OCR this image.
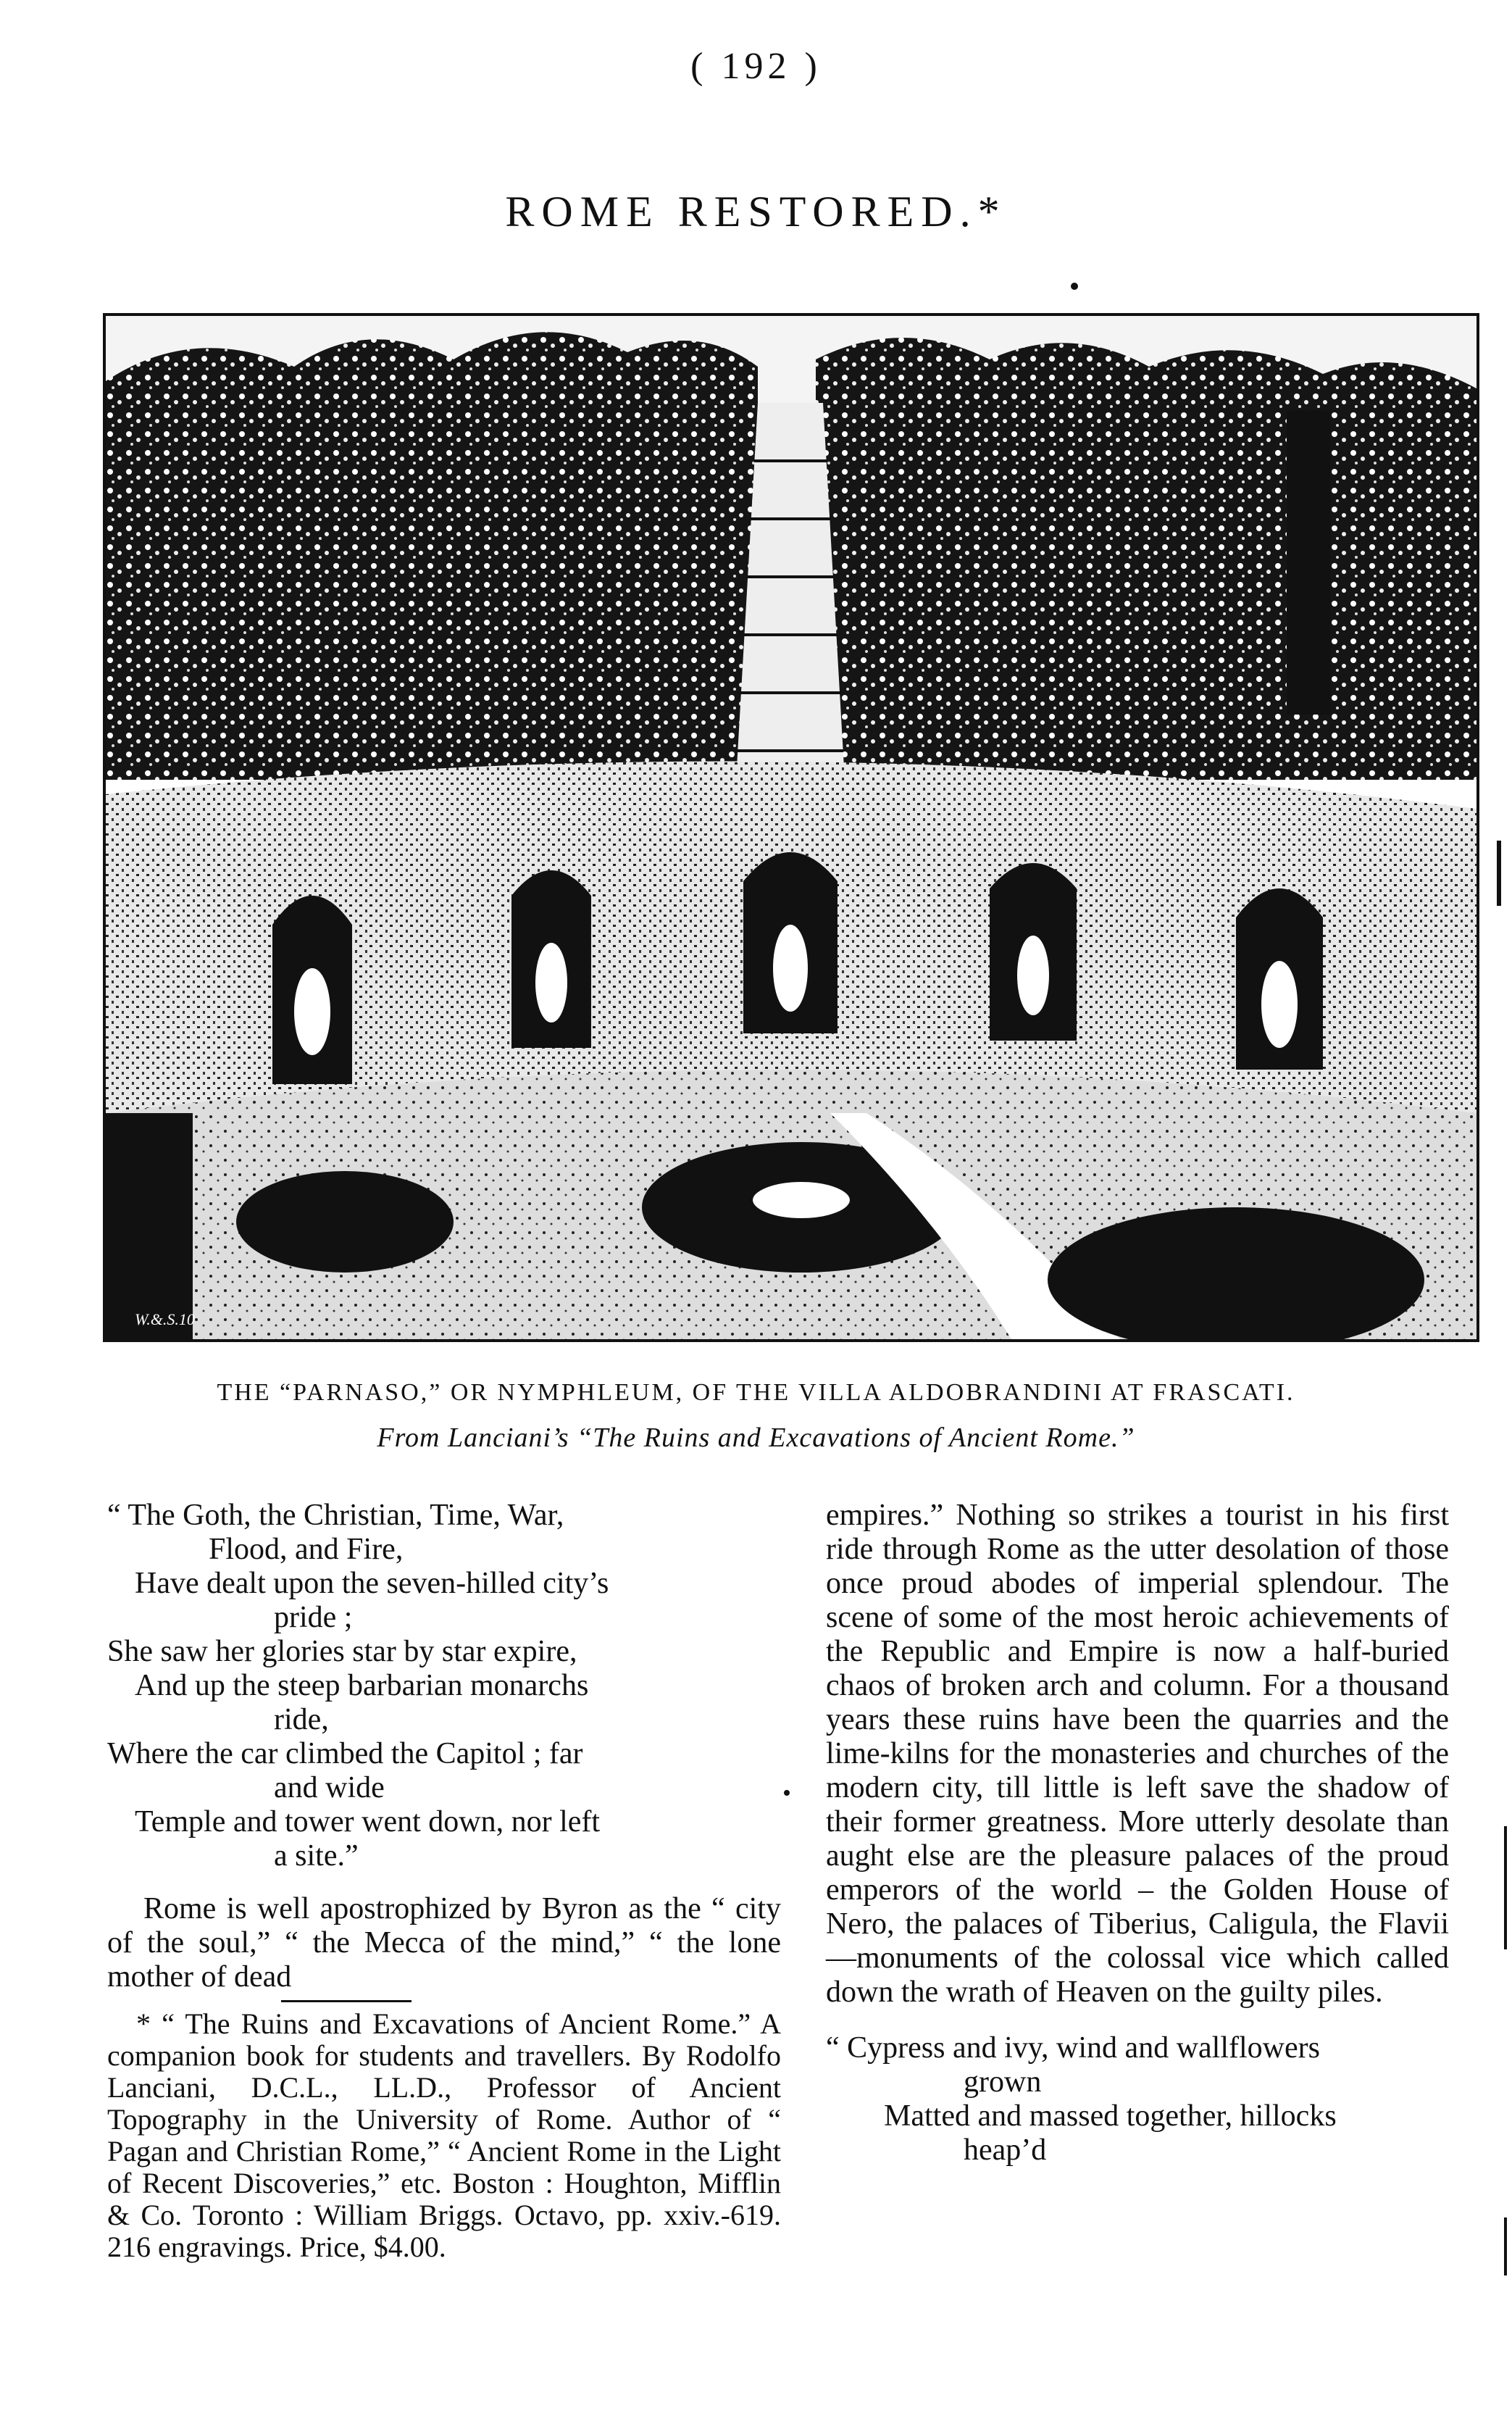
( 192 )
ROME RESTORED.*
W.&.S.10
THE “PARNASO,” OR NYMPHLEUM, OF THE VILLA ALDOBRANDINI AT FRASCATI.
From Lanciani’s “The Ruins and Excavations of Ancient Rome.”

“ The Goth, the Christian, Time, War,

Flood, and Fire,

Have dealt upon the seven-hilled city’s

pride ;

She saw her glories star by star expire,

And up the steep barbarian monarchs

ride,

Where the car climbed the Capitol ; far

and wide

Temple and tower went down, nor left

a site.”

Rome is well apostrophized by Byron as the “ city of the soul,” “ the Mecca of the mind,” “ the lone mother of dead

* “ The Ruins and Excavations of Ancient Rome.” A companion book for students and travellers. By Rodolfo Lanciani, D.C.L., LL.D., Professor of Ancient Topography in the University of Rome. Author of “ Pagan and Christian Rome,” “ Ancient Rome in the Light of Recent Discoveries,” etc. Boston : Houghton, Mifflin & Co. Toronto : William Briggs. Octavo, pp. xxiv.-619. 216 engravings. Price, $4.00.

empires.” Nothing so strikes a tourist in his first ride through Rome as the utter desolation of those once proud abodes of imperial splendour. The scene of some of the most heroic achievements of the Republic and Empire is now a half-buried chaos of broken arch and column. For a thousand years these ruins have been the quarries and the lime-kilns for the monasteries and churches of the modern city, till little is left save the shadow of their former greatness. More utterly desolate than aught else are the pleasure palaces of the proud emperors of the world – the Golden House of Nero, the palaces of Tiberius, Caligula, the Flavii—monuments of the colossal vice which called down the wrath of Heaven on the guilty piles.

“ Cypress and ivy, wind and wallflowers

grown

Matted and massed together, hillocks

heap’d
